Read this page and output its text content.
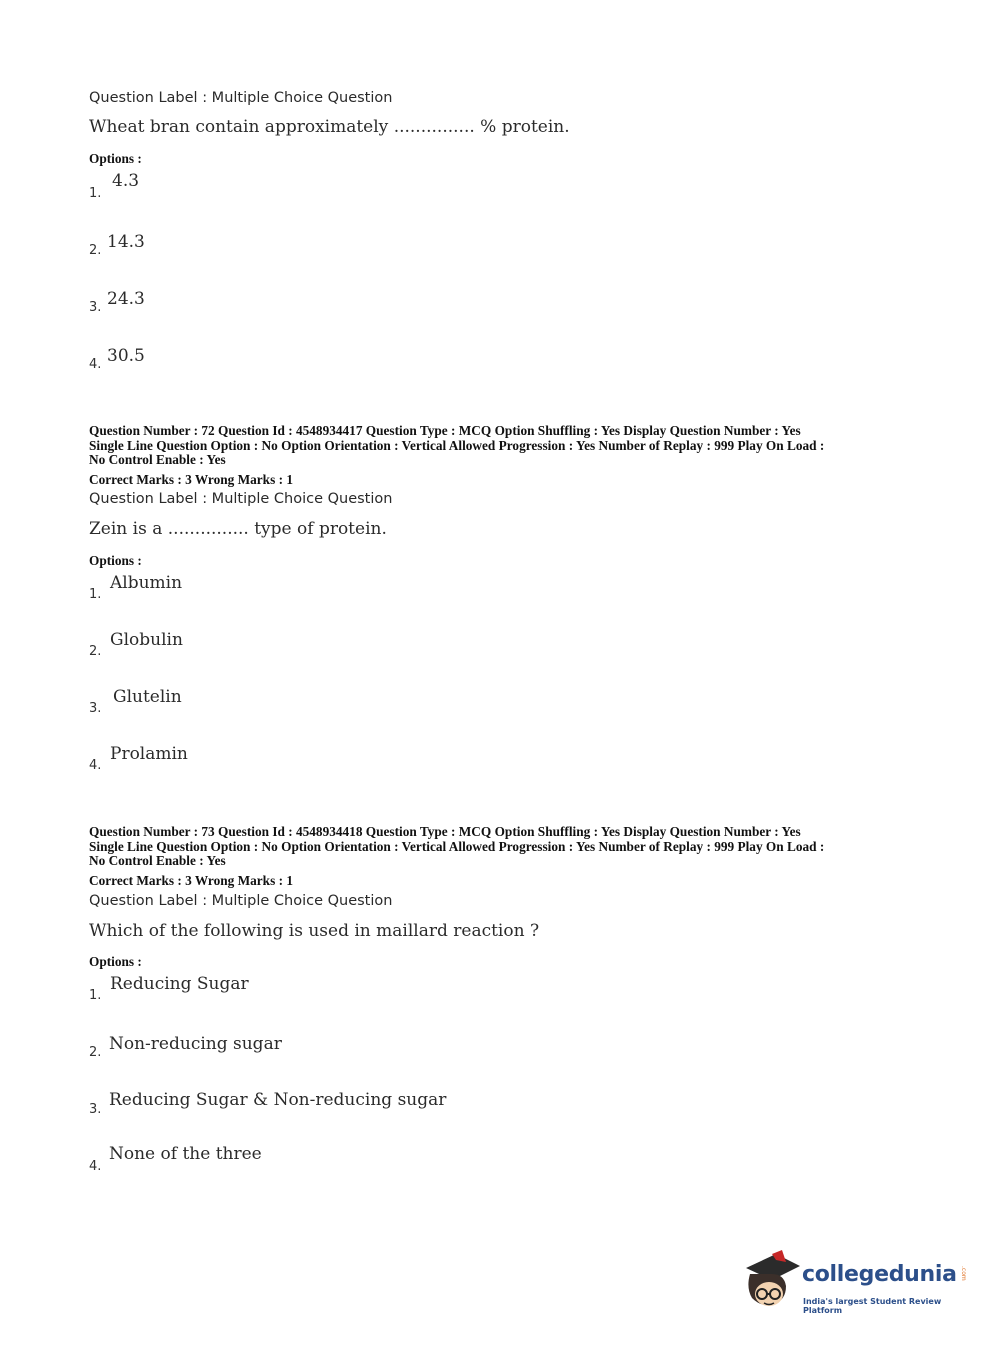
Question Label : Multiple Choice Question
Wheat bran contain approximately ............... % protein.
Options :
1.
4.3
2. 14.3
3. 24.3
4. 30.5
Question Number : 72 Question Id : 4548934417 Question Type : MCQ Option Shuffling : Yes Display Question Number : Yes
Single Line Question Option : No Option Orientation : Vertical Allowed Progression : Yes Number of Replay : 999 Play On Load :
No Control Enable : Yes
Correct Marks : 3 Wrong Marks : 1
Question Label : Multiple Choice Question
Zein is a ............... type of protein.
Options :
1.
Albumin
2.
Globulin
3.
Glutelin
4.
Prolamin
Question Number : 73 Question Id : 4548934418 Question Type : MCQ Option Shuffling : Yes Display Question Number : Yes
Single Line Question Option : No Option Orientation : Vertical Allowed Progression : Yes Number of Replay : 999 Play On Load :
No Control Enable : Yes
Correct Marks : 3 Wrong Marks : 1
Question Label : Multiple Choice Question
Which of the following is used in maillard reaction ?
Options :
1.
Reducing Sugar
2. Non-reducing sugar
3. Reducing Sugar & Non-reducing sugar
4.
None of the three
collegedunia .com
India's largest Student Review Platform
